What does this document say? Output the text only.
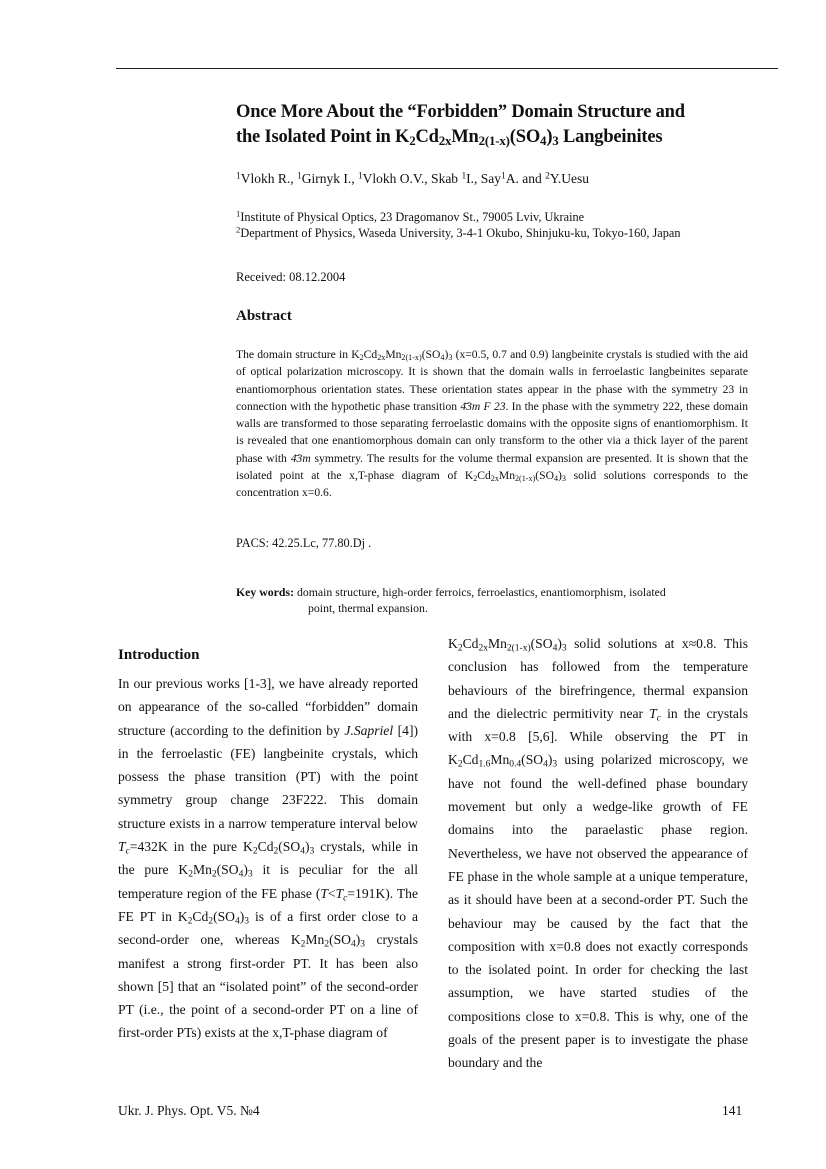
Once More About the “Forbidden” Domain Structure and
the Isolated Point in $K_2Cd_{2x}Mn_{2(1-x)}(SO_4)_3$ Langbeinites
$^1$Vlokh R., $^1$Girnyk I., $^1$Vlokh O.V., Skab $^1$I., Say$^1$A. and $^2$Y.Uesu
$^1$Institute of Physical Optics, 23 Dragomanov St., 79005 Lviv, Ukraine
$^2$Department of Physics, Waseda University, 3-4-1 Okubo, Shinjuku-ku, Tokyo-160, Japan
Received: 08.12.2004
Abstract
The domain structure in $K_2Cd_{2x}Mn_{2(1-x)}(SO_4)_3$ (x=0.5, 0.7 and 0.9) langbeinite crystals is studied with the aid of optical polarization microscopy. It is shown that the domain walls in ferroelastic langbeinites separate enantiomorphous orientation states. These orientation states appear in the phase with the symmetry 23 in connection with the hypothetic phase transition 4̄3m F 23. In the phase with the symmetry 222, these domain walls are transformed to those separating ferroelastic domains with the opposite signs of enantiomorphism. It is revealed that one enantiomorphous domain can only transform to the other via a thick layer of the parent phase with 4̄3m symmetry. The results for the volume thermal expansion are presented. It is shown that the isolated point at the x,T-phase diagram of $K_2Cd_{2x}Mn_{2(1-x)}(SO_4)_3$ solid solutions corresponds to the concentration x=0.6.
PACS: 42.25.Lc, 77.80.Dj .
Key words: domain structure, high-order ferroics, ferroelastics, enantiomorphism, isolated
point, thermal expansion.
Introduction

In our previous works [1-3], we have already reported on appearance of the so-called “forbidden” domain structure (according to the definition by J.Sapriel [4]) in the ferroelastic (FE) langbeinite crystals, which possess the phase transition (PT) with the point symmetry group change 23F222. This domain structure exists in a narrow temperature interval below $T_c=432K$ in the pure $K_2Cd_2(SO_4)_3$ crystals, while in the pure $K_2Mn_2(SO_4)_3$ it is peculiar for the all temperature region of the FE phase $(T<T_c=191K)$. The FE PT in $K_2Cd_2(SO_4)_3$ is of a first order close to a second-order one, whereas $K_2Mn_2(SO_4)_3$ crystals manifest a strong first-order PT. It has been also shown [5] that an “isolated point” of the second-order PT (i.e., the point of a second-order PT on a line of first-order PTs) exists at the x,T-phase diagram of

$K_2Cd_{2x}Mn_{2(1-x)}(SO_4)_3$ solid solutions at x≈0.8. This conclusion has followed from the temperature behaviours of the birefringence, thermal expansion and the dielectric permitivity near $T_c$ in the crystals with x=0.8 [5,6]. While observing the PT in $K_2Cd_{1.6}Mn_{0.4}(SO_4)_3$ using polarized microscopy, we have not found the well-defined phase boundary movement but only a wedge-like growth of FE domains into the paraelastic phase region. Nevertheless, we have not observed the appearance of FE phase in the whole sample at a unique temperature, as it should have been at a second-order PT. Such the behaviour may be caused by the fact that the composition with x=0.8 does not exactly corresponds to the isolated point. In order for checking the last assumption, we have started studies of the compositions close to x=0.8. This is why, one of the goals of the present paper is to investigate the phase boundary and the

Ukr. J. Phys. Opt. V5. №4	141
